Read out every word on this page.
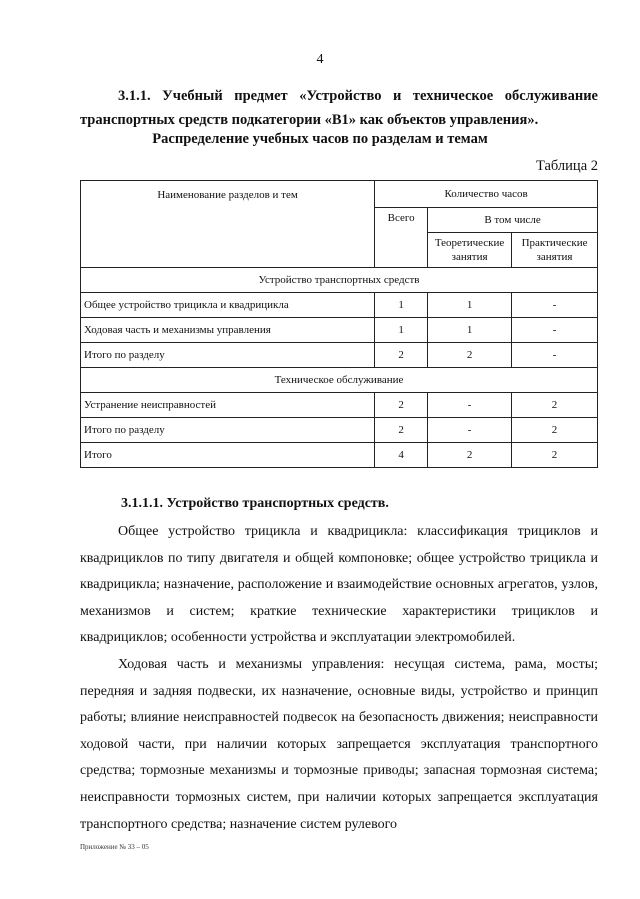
4
3.1.1. Учебный предмет «Устройство и техническое обслуживание
транспортных средств подкатегории «B1» как объектов управления».
Распределение учебных часов по разделам и темам
Таблица 2
Наименование разделов и тем	Количество часов		
	Всего	В том числе	
		Теоретические занятия	Практические занятия
Устройство транспортных средств			
Общее устройство трицикла и квадрицикла	1	1	-
Ходовая часть и механизмы управления	1	1	-
Итого по разделу	2	2	-
Техническое обслуживание			
Устранение неисправностей	2	-	2
Итого по разделу	2	-	2
Итого	4	2	2
3.1.1.1. Устройство транспортных средств.

Общее устройство трицикла и квадрицикла: классификация трициклов и квадрициклов по типу двигателя и общей компоновке; общее устройство трицикла и квадрицикла; назначение, расположение и взаимодействие основных агрегатов, узлов, механизмов и систем; краткие технические характеристики трициклов и квадрициклов; особенности устройства и эксплуатации электромобилей.

Ходовая часть и механизмы управления: несущая система, рама, мосты; передняя и задняя подвески, их назначение, основные виды, устройство и принцип работы; влияние неисправностей подвесок на безопасность движения; неисправности ходовой части, при наличии которых запрещается эксплуатация транспортного средства; тормозные механизмы и тормозные приводы; запасная тормозная система; неисправности тормозных систем, при наличии которых запрещается эксплуатация транспортного средства; назначение систем рулевого

Приложение № 33 – 05
